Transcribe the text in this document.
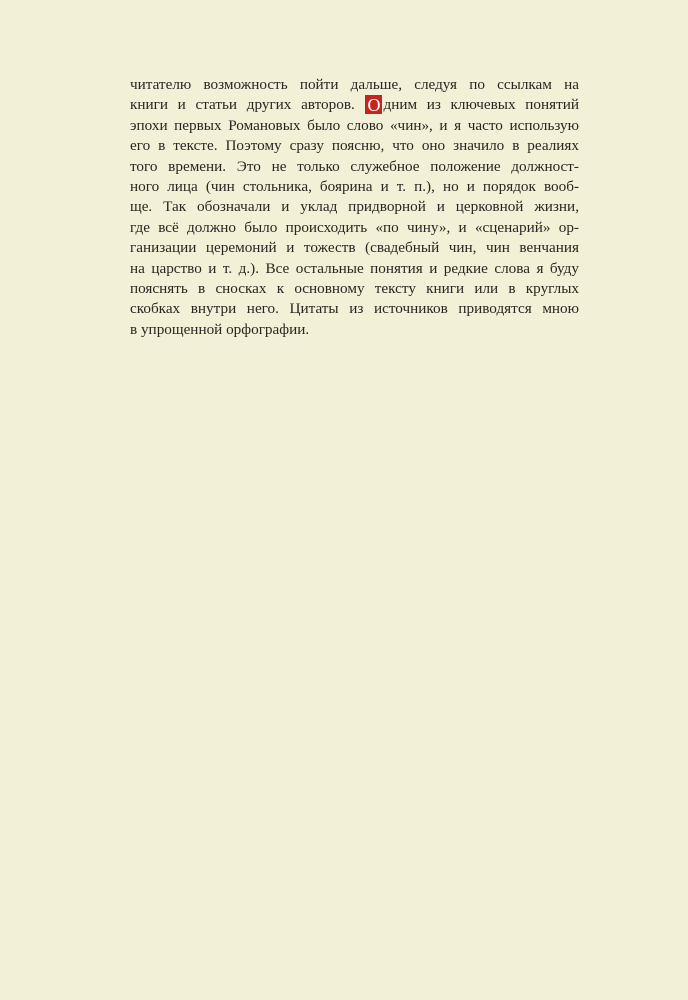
читателю возможность пойти дальше, следуя по ссылкам на
книги и статьи других авторов. О дним из ключевых понятий
эпохи первых Романовых было слово «чин», и я часто использую
его в тексте. Поэтому сразу поясню, что оно значило в реалиях
того времени. Это не только служебное положение должност-
ного лица (чин стольника, боярина и т. п.), но и порядок вооб-
ще. Так обозначали и уклад придворной и церковной жизни,
где всё должно было происходить «по чину», и «сценарий» ор-
ганизации церемоний и тожеств (свадебный чин, чин венчания
на царство и т. д.). Все остальные понятия и редкие слова я буду
пояснять в сносках к основному тексту книги или в круглых
скобках внутри него. Цитаты из источников приводятся мною
в упрощенной орфографии.
